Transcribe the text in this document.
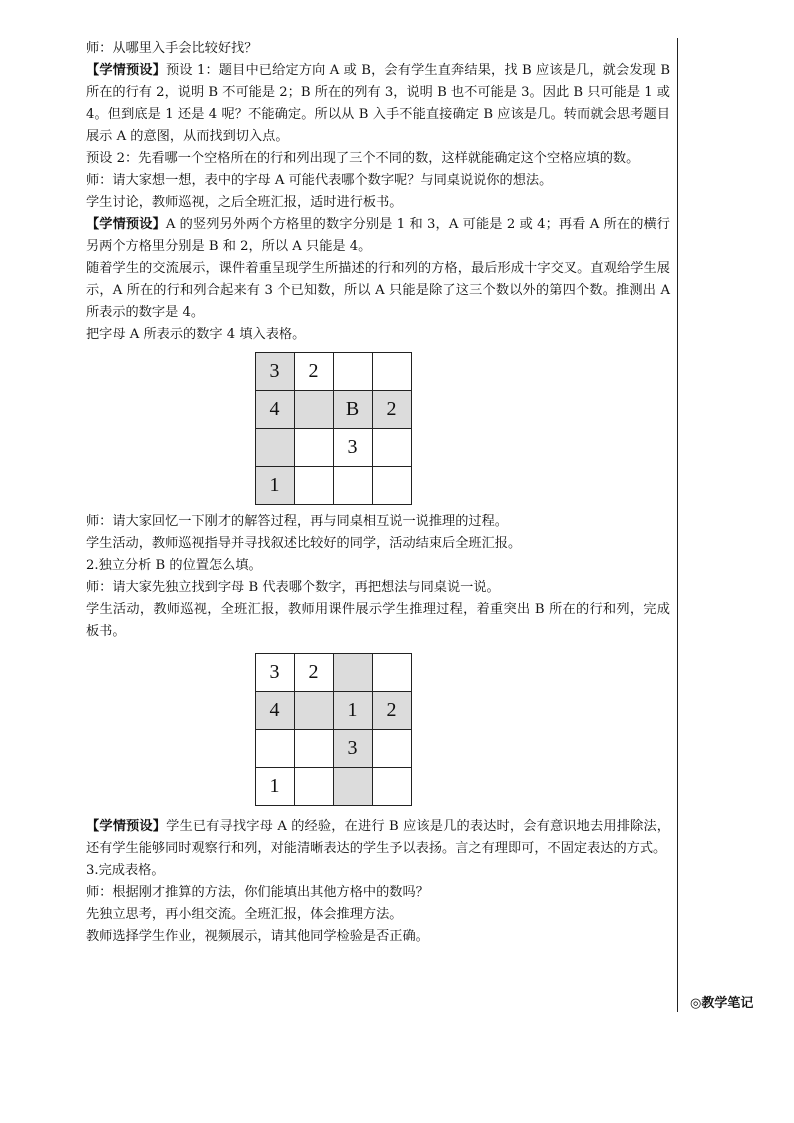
师：从哪里入手会比较好找？

【学情预设】预设 1：题目中已给定方向 A 或 B，会有学生直奔结果，找 B 应该是几，就会发现 B 所在的行有 2，说明 B 不可能是 2；B 所在的列有 3，说明 B 也不可能是 3。因此 B 只可能是 1 或 4。但到底是 1 还是 4 呢？不能确定。所以从 B 入手不能直接确定 B 应该是几。转而就会思考题目展示 A 的意图，从而找到切入点。

预设 2：先看哪一个空格所在的行和列出现了三个不同的数，这样就能确定这个空格应填的数。

师：请大家想一想，表中的字母 A 可能代表哪个数字呢？与同桌说说你的想法。

学生讨论，教师巡视，之后全班汇报，适时进行板书。

【学情预设】A 的竖列另外两个方格里的数字分别是 1 和 3，A 可能是 2 或 4；再看 A 所在的横行另两个方格里分别是 B 和 2，所以 A 只能是 4。

随着学生的交流展示，课件着重呈现学生所描述的行和列的方格，最后形成十字交叉。直观给学生展示，A 所在的行和列合起来有 3 个已知数，所以 A 只能是除了这三个数以外的第四个数。推测出 A 所表示的数字是 4。

把字母 A 所表示的数字 4 填入表格。

3	2		
4		B	2
		3	
1			

师：请大家回忆一下刚才的解答过程，再与同桌相互说一说推理的过程。

学生活动，教师巡视指导并寻找叙述比较好的同学，活动结束后全班汇报。

2.独立分析 B 的位置怎么填。

师：请大家先独立找到字母 B 代表哪个数字，再把想法与同桌说一说。

学生活动，教师巡视，全班汇报，教师用课件展示学生推理过程，着重突出 B 所在的行和列，完成板书。

3	2		
4		1	2
		3	
1			

【学情预设】学生已有寻找字母 A 的经验，在进行 B 应该是几的表达时，会有意识地去用排除法，还有学生能够同时观察行和列，对能清晰表达的学生予以表扬。言之有理即可，不固定表达的方式。

3.完成表格。

师：根据刚才推算的方法，你们能填出其他方格中的数吗？

先独立思考，再小组交流。全班汇报，体会推理方法。

教师选择学生作业，视频展示，请其他同学检验是否正确。

◎教学笔记
